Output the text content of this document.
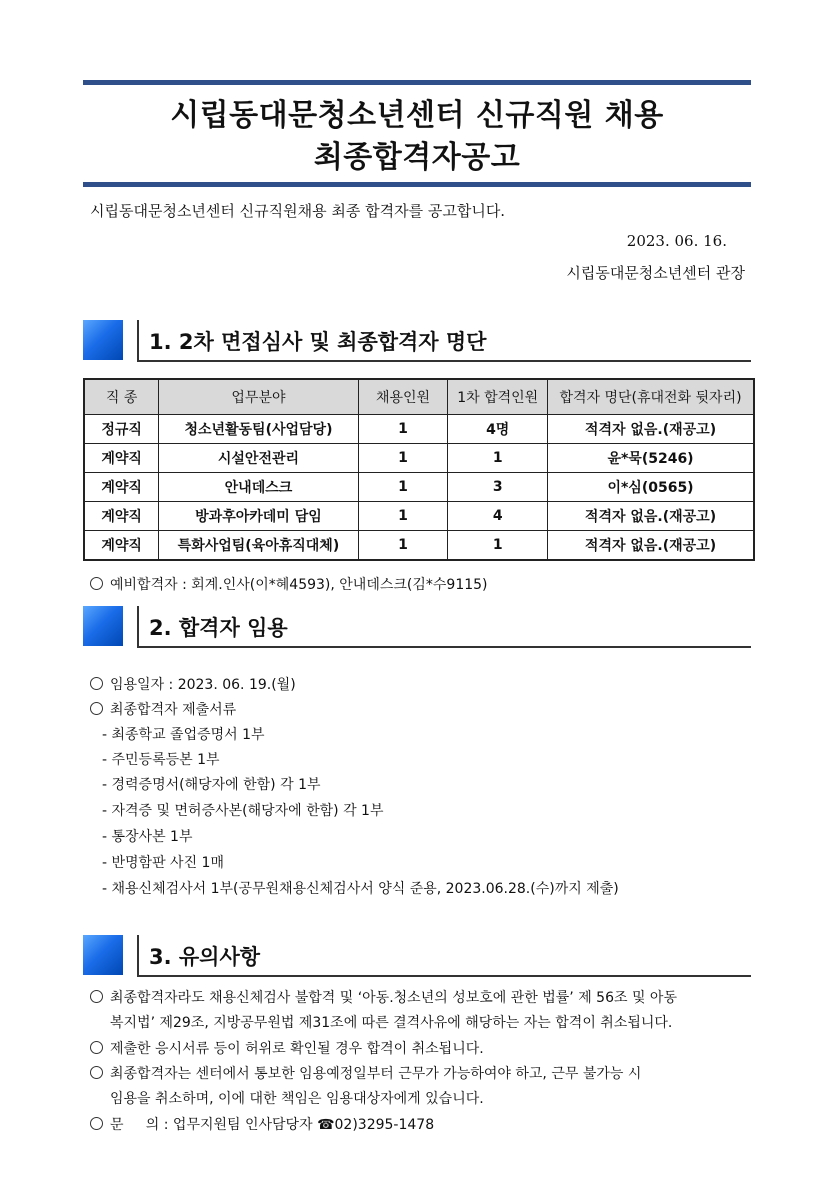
시립동대문청소년센터 신규직원 채용
최종합격자공고
시립동대문청소년센터 신규직원채용 최종 합격자를 공고합니다.
2023. 06. 16.
시립동대문청소년센터 관장
1. 2차 면접심사 및 최종합격자 명단
직 종	업무분야	채용인원	1차 합격인원	합격자 명단(휴대전화 뒷자리)
정규직	청소년활동팀(사업담당)	1	4명	적격자 없음.(재공고)
계약직	시설안전관리	1	1	윤*묵(5246)
계약직	안내데스크	1	3	이*심(0565)
계약직	방과후아카데미 담임	1	4	적격자 없음.(재공고)
계약직	특화사업팀(육아휴직대체)	1	1	적격자 없음.(재공고)
예비합격자 : 회계.인사(이*혜4593), 안내데스크(김*수9115)
2. 합격자 임용
임용일자 : 2023. 06. 19.(월)
최종합격자 제출서류
- 최종학교 졸업증명서 1부
- 주민등록등본 1부
- 경력증명서(해당자에 한함) 각 1부
- 자격증 및 면허증사본(해당자에 한함) 각 1부
- 통장사본 1부
- 반명함판 사진 1매
- 채용신체검사서 1부(공무원채용신체검사서 양식 준용, 2023.06.28.(수)까지 제출)
3. 유의사항
최종합격자라도 채용신체검사 불합격 및 ‘아동.청소년의 성보호에 관한 법률’ 제 56조 및 아동
복지법’ 제29조, 지방공무원법 제31조에 따른 결격사유에 해당하는 자는 합격이 취소됩니다.
제출한 응시서류 등이 허위로 확인될 경우 합격이 취소됩니다.
최종합격자는 센터에서 통보한 임용예정일부터 근무가 가능하여야 하고, 근무 불가능 시
임용을 취소하며, 이에 대한 책임은 임용대상자에게 있습니다.
문     의 : 업무지원팀 인사담당자 ☎02)3295-1478
